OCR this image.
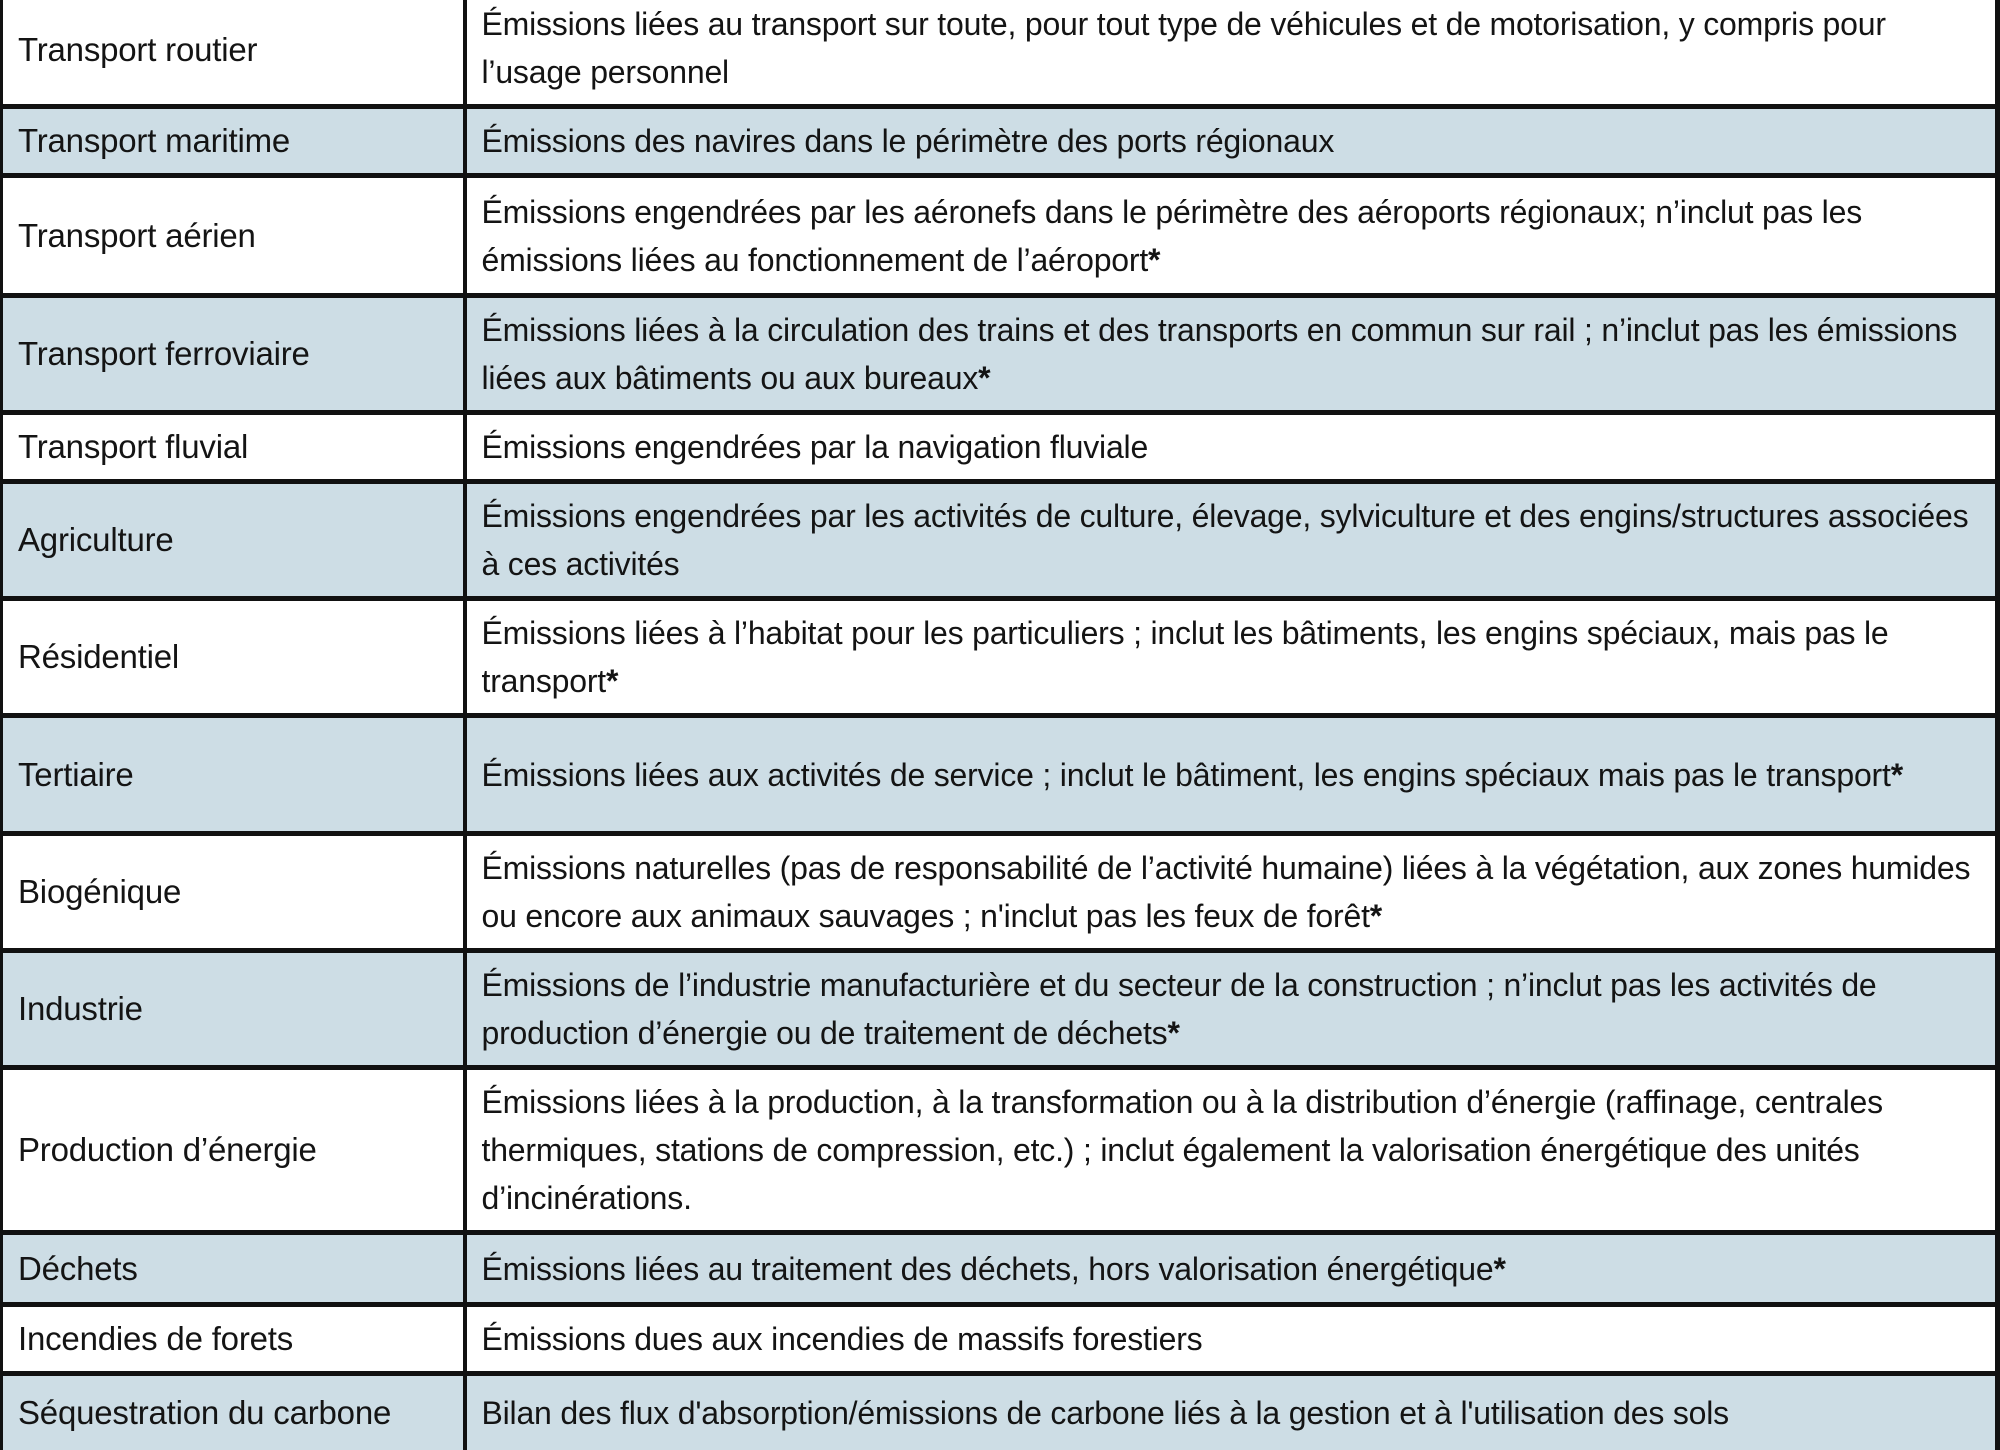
Transport routier	Émissions liées au transport sur toute, pour tout type de véhicules et de motorisation, y compris pour l’usage personnel
Transport maritime	Émissions des navires dans le périmètre des ports régionaux
Transport aérien	Émissions engendrées par les aéronefs dans le périmètre des aéroports régionaux; n’inclut pas les émissions liées au fonctionnement de l’aéroport*
Transport ferroviaire	Émissions liées à la circulation des trains et des transports en commun sur rail ; n’inclut pas les émissions liées aux bâtiments ou aux bureaux*
Transport fluvial	Émissions engendrées par la navigation fluviale
Agriculture	Émissions engendrées par les activités de culture, élevage, sylviculture et des engins/structures associées à ces activités
Résidentiel	Émissions liées à l’habitat pour les particuliers ; inclut les bâtiments, les engins spéciaux, mais pas le transport*
Tertiaire	Émissions liées aux activités de service ; inclut le bâtiment, les engins spéciaux mais pas le transport*
Biogénique	Émissions naturelles (pas de responsabilité de l’activité humaine) liées à la végétation, aux zones humides ou encore aux animaux sauvages ; n'inclut pas les feux de forêt*
Industrie	Émissions de l’industrie manufacturière et du secteur de la construction ; n’inclut pas les activités de production d’énergie ou de traitement de déchets*
Production d’énergie	Émissions liées à la production, à la transformation ou à la distribution d’énergie (raffinage, centrales thermiques, stations de compression, etc.) ; inclut également la valorisation énergétique des unités d’incinérations.
Déchets	Émissions liées au traitement des déchets, hors valorisation énergétique*
Incendies de forets	Émissions dues aux incendies de massifs forestiers
Séquestration du carbone	Bilan des flux d'absorption/émissions de carbone liés à la gestion et à l'utilisation des sols
